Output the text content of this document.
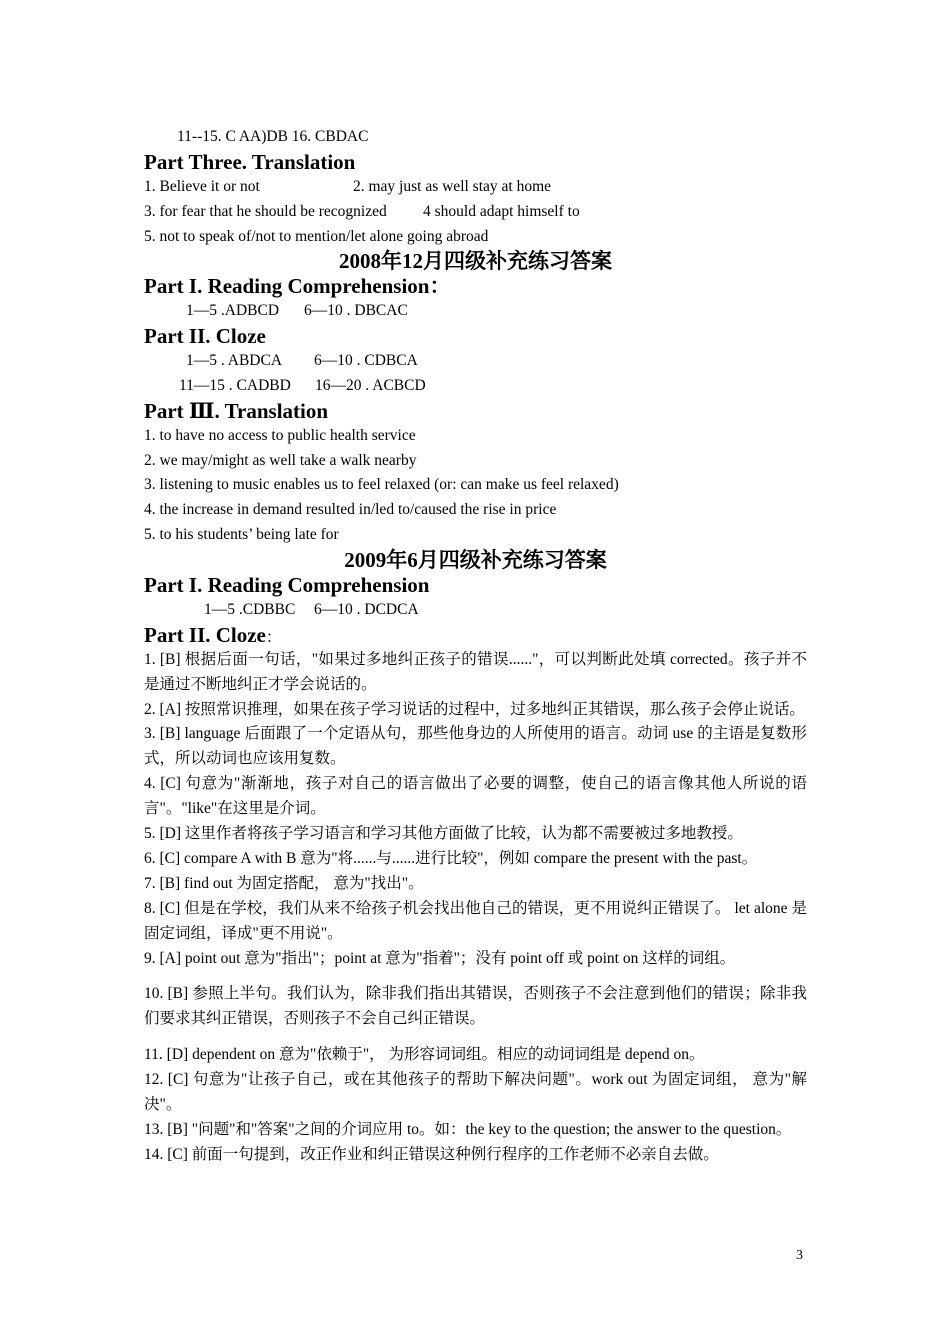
11--15. C AA)DB 16. CBDAC
Part Three. Translation
1. Believe it or not	2. may just as well stay at home
3. for fear that he should be recognized 4 should adapt himself to
5. not to speak of/not to mention/let alone going abroad
2008年12月四级补充练习答案
Part I. Reading Comprehension：
1—5 .ADBCD 6—10 . DBCAC
Part II. Cloze
1—5 . ABDCA 6—10 . CDBCA
11—15 . CADBD 16—20 . ACBCD
Part Ⅲ. Translation
1. to have no access to public health service
2. we may/might as well take a walk nearby
3. listening to music enables us to feel relaxed (or: can make us feel relaxed)
4. the increase in demand resulted in/led to/caused the rise in price
5. to his students’ being late for
2009年6月四级补充练习答案
Part I. Reading Comprehension
1—5 .CDBBC 6—10 . DCDCA
Part II. Cloze：
1. [B] 根据后面一句话，"如果过多地纠正孩子的错误......"，可以判断此处填 corrected。孩子并不是通过不断地纠正才学会说话的。
2. [A] 按照常识推理，如果在孩子学习说话的过程中，过多地纠正其错误，那么孩子会停止说话。
3. [B] language 后面跟了一个定语从句，那些他身边的人所使用的语言。动词 use 的主语是复数形式，所以动词也应该用复数。
4. [C] 句意为"渐渐地，孩子对自己的语言做出了必要的调整，使自己的语言像其他人所说的语言"。"like"在这里是介词。
5. [D] 这里作者将孩子学习语言和学习其他方面做了比较，认为都不需要被过多地教授。
6. [C] compare A with B 意为"将......与......进行比较"，例如 compare the present with the past。
7. [B] find out 为固定搭配， 意为"找出"。
8. [C] 但是在学校，我们从来不给孩子机会找出他自己的错误，更不用说纠正错误了。 let alone 是固定词组，译成"更不用说"。
9. [A] point out 意为"指出"；point at 意为"指着"；没有 point off 或 point on 这样的词组。
10. [B] 参照上半句。我们认为，除非我们指出其错误，否则孩子不会注意到他们的错误；除非我们要求其纠正错误，否则孩子不会自己纠正错误。
11. [D] dependent on 意为"依赖于"， 为形容词词组。相应的动词词组是 depend on。
12. [C] 句意为"让孩子自己，或在其他孩子的帮助下解决问题"。work out 为固定词组， 意为"解决"。
13. [B] "问题"和"答案"之间的介词应用 to。如：the key to the question; the answer to the question。
14. [C] 前面一句提到，改正作业和纠正错误这种例行程序的工作老师不必亲自去做。
3
